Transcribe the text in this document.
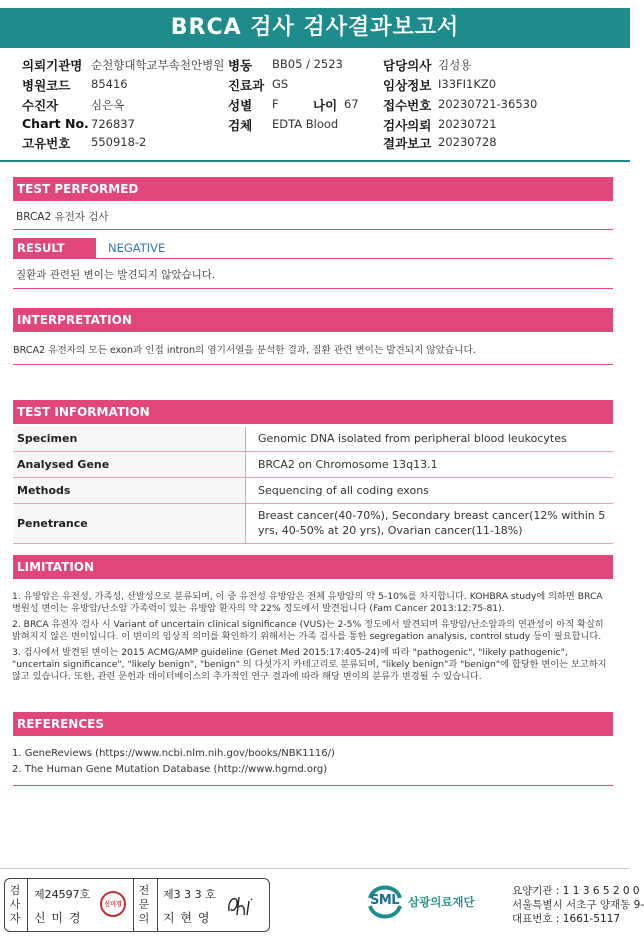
BRCA 검사 검사결과보고서
의뢰기관명 순천향대학교부속천안병원
병원코드 85416
수진자	심은옥
Chart No. 726837
고유번호 550918-2
병동 BB05 / 2523
진료과 GS
성별 F	나이 67
검체 EDTA Blood
담당의사 김성용
임상정보 I33FI1KZ0
접수번호 20230721-36530
검사의뢰 20230721
결과보고 20230728
TEST PERFORMED
BRCA2 유전자 검사
RESULT	NEGATIVE
질환과 관련된 변이는 발견되지 않았습니다.
INTERPRETATION
BRCA2 유전자의 모든 exon과 인접 intron의 염기서열을 분석한 결과, 질환 관련 변이는 발견되지 않았습니다.
TEST INFORMATION
Specimen	Genomic DNA isolated from peripheral blood leukocytes
Analysed Gene	BRCA2 on Chromosome 13q13.1
Methods	Sequencing of all coding exons
Penetrance	Breast cancer(40-70%), Secondary breast cancer(12% within 5 yrs, 40-50% at 20 yrs), Ovarian cancer(11-18%)
LIMITATION

1. 유방암은 유전성, 가족성, 산발성으로 분류되며, 이 중 유전성 유방암은 전체 유방암의 약 5-10%를 차지합니다. KOHBRA study에 의하면 BRCA 병원성 변이는 유방암/난소암 가족력이 있는 유방암 환자의 약 22% 정도에서 발견됩니다 (Fam Cancer 2013:12:75-81).

2. BRCA 유전자 검사 시 Variant of uncertain clinical significance (VUS)는 2-5% 정도에서 발견되며 유방암/난소암과의 연관성이 아직 확실히 밝혀지지 않은 변이입니다. 이 변이의 임상적 의미를 확인하기 위해서는 가족 검사를 통한 segregation analysis, control study 등이 필요합니다.

3. 검사에서 발견된 변이는 2015 ACMG/AMP guideline (Genet Med 2015:17:405-24)에 따라 "pathogenic", "likely pathogenic", "uncertain significance", "likely benign", "benign" 의 다섯가지 카테고리로 분류되며, "likely benign"과 "benign"에 합당한 변이는 보고하지 않고 있습니다. 또한, 관련 문헌과 데이터베이스의 추가적인 연구 결과에 따라 해당 변이의 분류가 변경될 수 있습니다.

REFERENCES
1. GeneReviews (https://www.ncbi.nlm.nih.gov/books/NBK1116/)
2. The Human Gene Mutation Database (http://www.hgmd.org)
검사자
제24597호
신 미 경
신미경
전문의
제3 3 3 호
지 현 영
SML 삼광의료재단
요양기관 : 1 1 3 6 5 2 0 0
서울특별시 서초구 양재동 9-
대표번호 : 1661-5117
